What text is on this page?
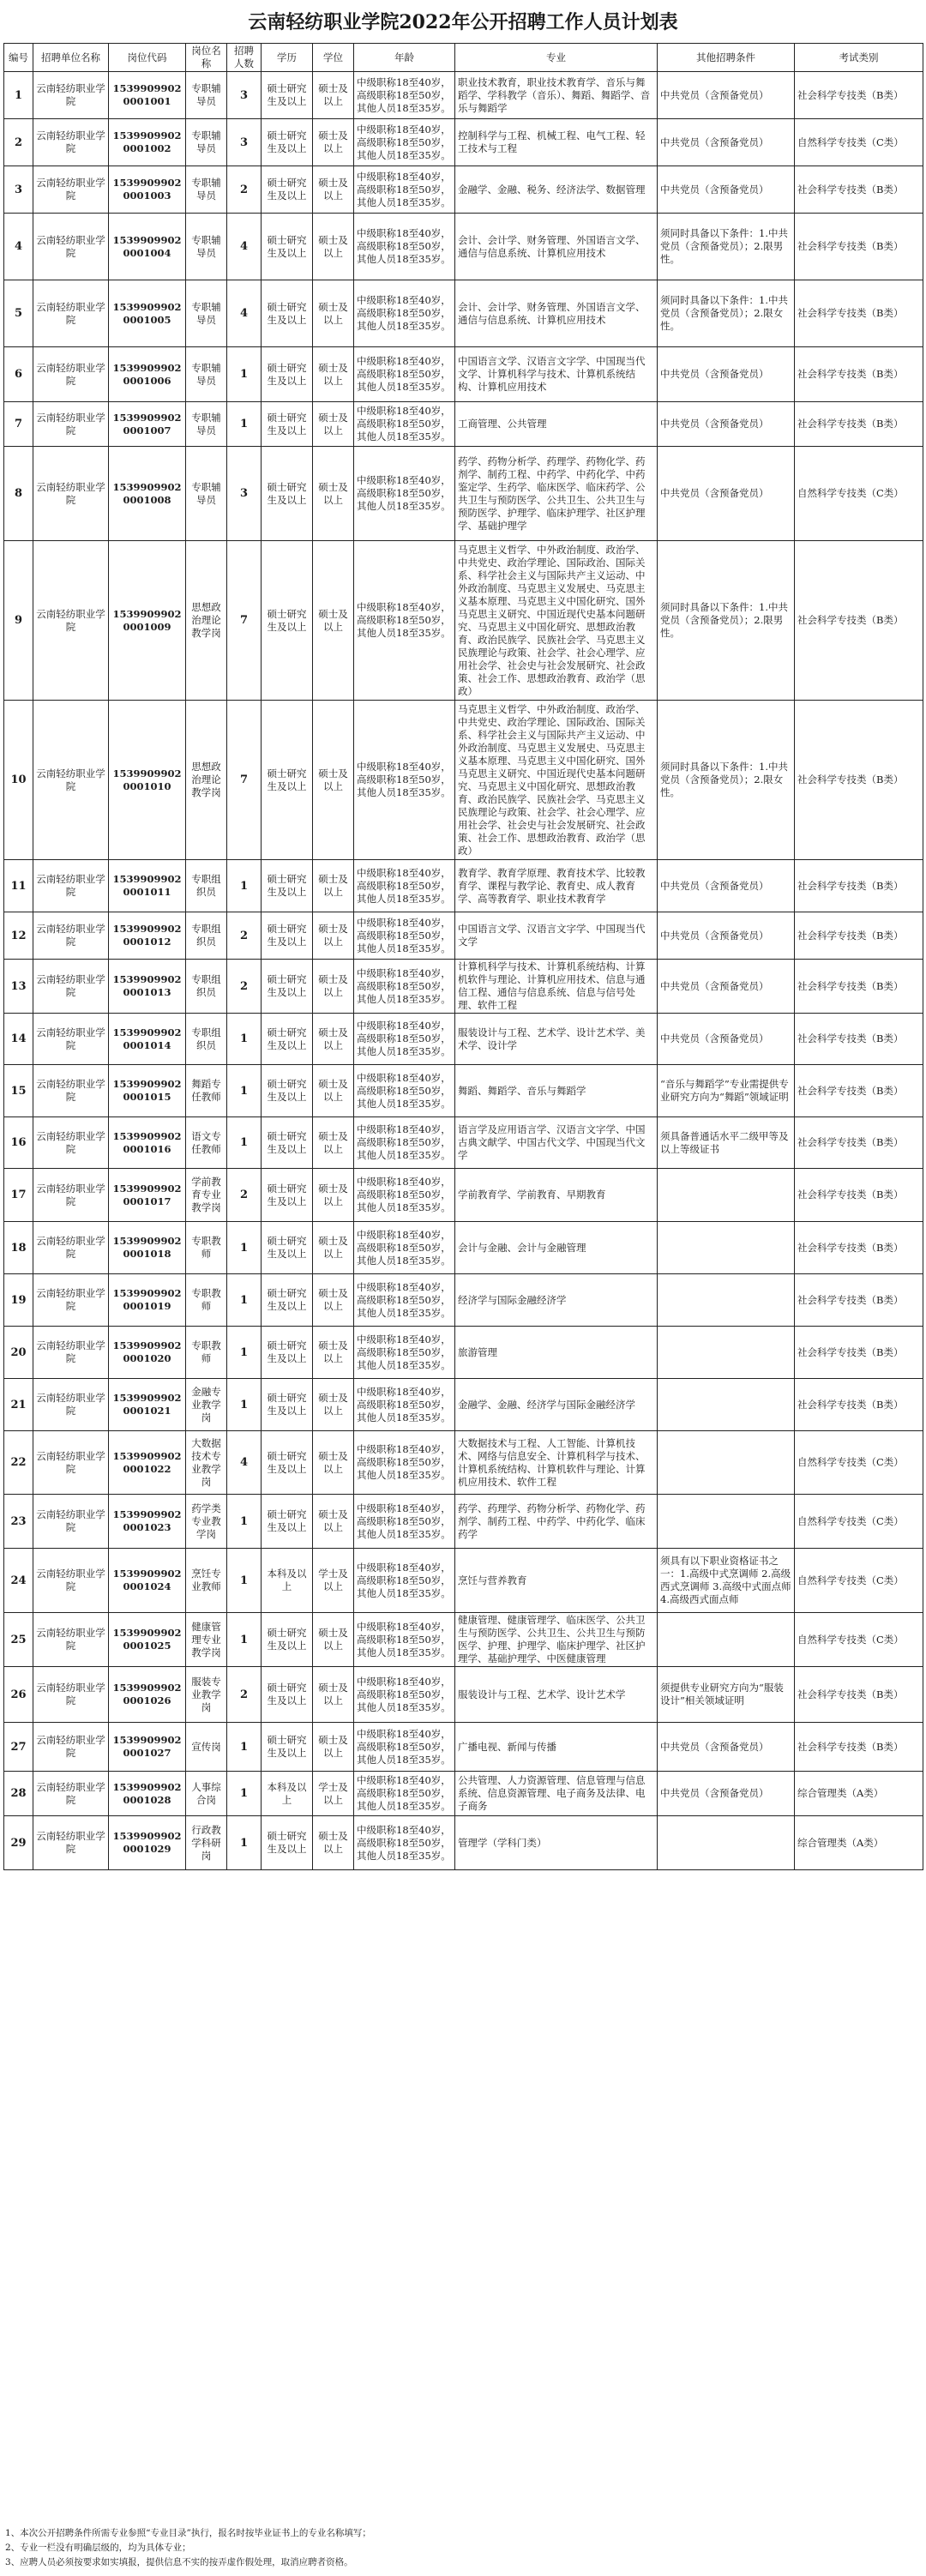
云南轻纺职业学院2022年公开招聘工作人员计划表
编号	招聘单位名称	岗位代码	岗位名称	招聘人数	学历	学位	年龄	专业	其他招聘条件	考试类别
1	云南轻纺职业学院	15399099020001001	专职辅导员	3	硕士研究生及以上	硕士及以上	中级职称18至40岁，高级职称18至50岁，其他人员18至35岁。	职业技术教育，职业技术教育学、音乐与舞蹈学、学科教学（音乐）、舞蹈、舞蹈学、音乐与舞蹈学	中共党员（含预备党员）	社会科学专技类（B类）
2	云南轻纺职业学院	15399099020001002	专职辅导员	3	硕士研究生及以上	硕士及以上	中级职称18至40岁，高级职称18至50岁，其他人员18至35岁。	控制科学与工程、机械工程、电气工程、轻工技术与工程	中共党员（含预备党员）	自然科学专技类（C类）
3	云南轻纺职业学院	15399099020001003	专职辅导员	2	硕士研究生及以上	硕士及以上	中级职称18至40岁，高级职称18至50岁，其他人员18至35岁。	金融学、金融、税务、经济法学、数据管理	中共党员（含预备党员）	社会科学专技类（B类）
4	云南轻纺职业学院	15399099020001004	专职辅导员	4	硕士研究生及以上	硕士及以上	中级职称18至40岁，高级职称18至50岁，其他人员18至35岁。	会计、会计学、财务管理、外国语言文学、通信与信息系统、计算机应用技术	须同时具备以下条件：1.中共党员（含预备党员）；2.限男性。	社会科学专技类（B类）
5	云南轻纺职业学院	15399099020001005	专职辅导员	4	硕士研究生及以上	硕士及以上	中级职称18至40岁，高级职称18至50岁，其他人员18至35岁。	会计、会计学、财务管理、外国语言文学、通信与信息系统、计算机应用技术	须同时具备以下条件：1.中共党员（含预备党员）；2.限女性。	社会科学专技类（B类）
6	云南轻纺职业学院	15399099020001006	专职辅导员	1	硕士研究生及以上	硕士及以上	中级职称18至40岁，高级职称18至50岁，其他人员18至35岁。	中国语言文学、汉语言文字学、中国现当代文学、计算机科学与技术、计算机系统结构、计算机应用技术	中共党员（含预备党员）	社会科学专技类（B类）
7	云南轻纺职业学院	15399099020001007	专职辅导员	1	硕士研究生及以上	硕士及以上	中级职称18至40岁，高级职称18至50岁，其他人员18至35岁。	工商管理、公共管理	中共党员（含预备党员）	社会科学专技类（B类）
8	云南轻纺职业学院	15399099020001008	专职辅导员	3	硕士研究生及以上	硕士及以上	中级职称18至40岁，高级职称18至50岁，其他人员18至35岁。	药学、药物分析学、药理学、药物化学、药剂学、制药工程、中药学、中药化学、中药鉴定学、生药学、临床医学、临床药学、公共卫生与预防医学、公共卫生、公共卫生与预防医学、护理学、临床护理学、社区护理学、基础护理学	中共党员（含预备党员）	自然科学专技类（C类）
9	云南轻纺职业学院	15399099020001009	思想政治理论教学岗	7	硕士研究生及以上	硕士及以上	中级职称18至40岁，高级职称18至50岁，其他人员18至35岁。	马克思主义哲学、中外政治制度、政治学、中共党史、政治学理论、国际政治、国际关系、科学社会主义与国际共产主义运动、中外政治制度、马克思主义发展史、马克思主义基本原理、马克思主义中国化研究、国外马克思主义研究、中国近现代史基本问题研究、马克思主义中国化研究、思想政治教育、政治民族学、民族社会学、马克思主义民族理论与政策、社会学、社会心理学、应用社会学、社会史与社会发展研究、社会政策、社会工作、思想政治教育、政治学（思政）	须同时具备以下条件：1.中共党员（含预备党员）；2.限男性。	社会科学专技类（B类）
10	云南轻纺职业学院	15399099020001010	思想政治理论教学岗	7	硕士研究生及以上	硕士及以上	中级职称18至40岁，高级职称18至50岁，其他人员18至35岁。	马克思主义哲学、中外政治制度、政治学、中共党史、政治学理论、国际政治、国际关系、科学社会主义与国际共产主义运动、中外政治制度、马克思主义发展史、马克思主义基本原理、马克思主义中国化研究、国外马克思主义研究、中国近现代史基本问题研究、马克思主义中国化研究、思想政治教育、政治民族学、民族社会学、马克思主义民族理论与政策、社会学、社会心理学、应用社会学、社会史与社会发展研究、社会政策、社会工作、思想政治教育、政治学（思政）	须同时具备以下条件：1.中共党员（含预备党员）；2.限女性。	社会科学专技类（B类）
11	云南轻纺职业学院	15399099020001011	专职组织员	1	硕士研究生及以上	硕士及以上	中级职称18至40岁，高级职称18至50岁，其他人员18至35岁。	教育学、教育学原理、教育技术学、比较教育学、课程与教学论、教育史、成人教育学、高等教育学、职业技术教育学	中共党员（含预备党员）	社会科学专技类（B类）
12	云南轻纺职业学院	15399099020001012	专职组织员	2	硕士研究生及以上	硕士及以上	中级职称18至40岁，高级职称18至50岁，其他人员18至35岁。	中国语言文学、汉语言文字学、中国现当代文学	中共党员（含预备党员）	社会科学专技类（B类）
13	云南轻纺职业学院	15399099020001013	专职组织员	2	硕士研究生及以上	硕士及以上	中级职称18至40岁，高级职称18至50岁，其他人员18至35岁。	计算机科学与技术、计算机系统结构、计算机软件与理论、计算机应用技术、信息与通信工程、通信与信息系统、信息与信号处理、软件工程	中共党员（含预备党员）	社会科学专技类（B类）
14	云南轻纺职业学院	15399099020001014	专职组织员	1	硕士研究生及以上	硕士及以上	中级职称18至40岁，高级职称18至50岁，其他人员18至35岁。	服装设计与工程、艺术学、设计艺术学、美术学、设计学	中共党员（含预备党员）	社会科学专技类（B类）
15	云南轻纺职业学院	15399099020001015	舞蹈专任教师	1	硕士研究生及以上	硕士及以上	中级职称18至40岁，高级职称18至50岁，其他人员18至35岁。	舞蹈、舞蹈学、音乐与舞蹈学	“音乐与舞蹈学”专业需提供专业研究方向为“舞蹈”领域证明	社会科学专技类（B类）
16	云南轻纺职业学院	15399099020001016	语文专任教师	1	硕士研究生及以上	硕士及以上	中级职称18至40岁，高级职称18至50岁，其他人员18至35岁。	语言学及应用语言学、汉语言文字学、中国古典文献学、中国古代文学、中国现当代文学	须具备普通话水平二级甲等及以上等级证书	社会科学专技类（B类）
17	云南轻纺职业学院	15399099020001017	学前教育专业教学岗	2	硕士研究生及以上	硕士及以上	中级职称18至40岁，高级职称18至50岁，其他人员18至35岁。	学前教育学、学前教育、早期教育		社会科学专技类（B类）
18	云南轻纺职业学院	15399099020001018	专职教师	1	硕士研究生及以上	硕士及以上	中级职称18至40岁，高级职称18至50岁，其他人员18至35岁。	会计与金融、会计与金融管理		社会科学专技类（B类）
19	云南轻纺职业学院	15399099020001019	专职教师	1	硕士研究生及以上	硕士及以上	中级职称18至40岁，高级职称18至50岁，其他人员18至35岁。	经济学与国际金融经济学		社会科学专技类（B类）
20	云南轻纺职业学院	15399099020001020	专职教师	1	硕士研究生及以上	硕士及以上	中级职称18至40岁，高级职称18至50岁，其他人员18至35岁。	旅游管理		社会科学专技类（B类）
21	云南轻纺职业学院	15399099020001021	金融专业教学岗	1	硕士研究生及以上	硕士及以上	中级职称18至40岁，高级职称18至50岁，其他人员18至35岁。	金融学、金融、经济学与国际金融经济学		社会科学专技类（B类）
22	云南轻纺职业学院	15399099020001022	大数据技术专业教学岗	4	硕士研究生及以上	硕士及以上	中级职称18至40岁，高级职称18至50岁，其他人员18至35岁。	大数据技术与工程、人工智能、计算机技术、网络与信息安全、计算机科学与技术、计算机系统结构、计算机软件与理论、计算机应用技术、软件工程		自然科学专技类（C类）
23	云南轻纺职业学院	15399099020001023	药学类专业教学岗	1	硕士研究生及以上	硕士及以上	中级职称18至40岁，高级职称18至50岁，其他人员18至35岁。	药学、药理学、药物分析学、药物化学、药剂学、制药工程、中药学、中药化学、临床药学		自然科学专技类（C类）
24	云南轻纺职业学院	15399099020001024	烹饪专业教师	1	本科及以上	学士及以上	中级职称18至40岁，高级职称18至50岁，其他人员18至35岁。	烹饪与营养教育	须具有以下职业资格证书之一：1.高级中式烹调师 2.高级西式烹调师 3.高级中式面点师 4.高级西式面点师	自然科学专技类（C类）
25	云南轻纺职业学院	15399099020001025	健康管理专业教学岗	1	硕士研究生及以上	硕士及以上	中级职称18至40岁，高级职称18至50岁，其他人员18至35岁。	健康管理、健康管理学、临床医学、公共卫生与预防医学、公共卫生、公共卫生与预防医学、护理、护理学、临床护理学、社区护理学、基础护理学、中医健康管理		自然科学专技类（C类）
26	云南轻纺职业学院	15399099020001026	服装专业教学岗	2	硕士研究生及以上	硕士及以上	中级职称18至40岁，高级职称18至50岁，其他人员18至35岁。	服装设计与工程、艺术学、设计艺术学	须提供专业研究方向为“服装设计”相关领域证明	社会科学专技类（B类）
27	云南轻纺职业学院	15399099020001027	宣传岗	1	硕士研究生及以上	硕士及以上	中级职称18至40岁，高级职称18至50岁，其他人员18至35岁。	广播电视、新闻与传播	中共党员（含预备党员）	社会科学专技类（B类）
28	云南轻纺职业学院	15399099020001028	人事综合岗	1	本科及以上	学士及以上	中级职称18至40岁，高级职称18至50岁，其他人员18至35岁。	公共管理、人力资源管理、信息管理与信息系统、信息资源管理、电子商务及法律、电子商务	中共党员（含预备党员）	综合管理类（A类）
29	云南轻纺职业学院	15399099020001029	行政教学科研岗	1	硕士研究生及以上	硕士及以上	中级职称18至40岁，高级职称18至50岁，其他人员18至35岁。	管理学（学科门类）		综合管理类（A类）
1、本次公开招聘条件所需专业参照“专业目录”执行，报名时按毕业证书上的专业名称填写；
2、专业一栏没有明确层级的，均为具体专业；
3、应聘人员必须按要求如实填报，提供信息不实的按弄虚作假处理，取消应聘者资格。
